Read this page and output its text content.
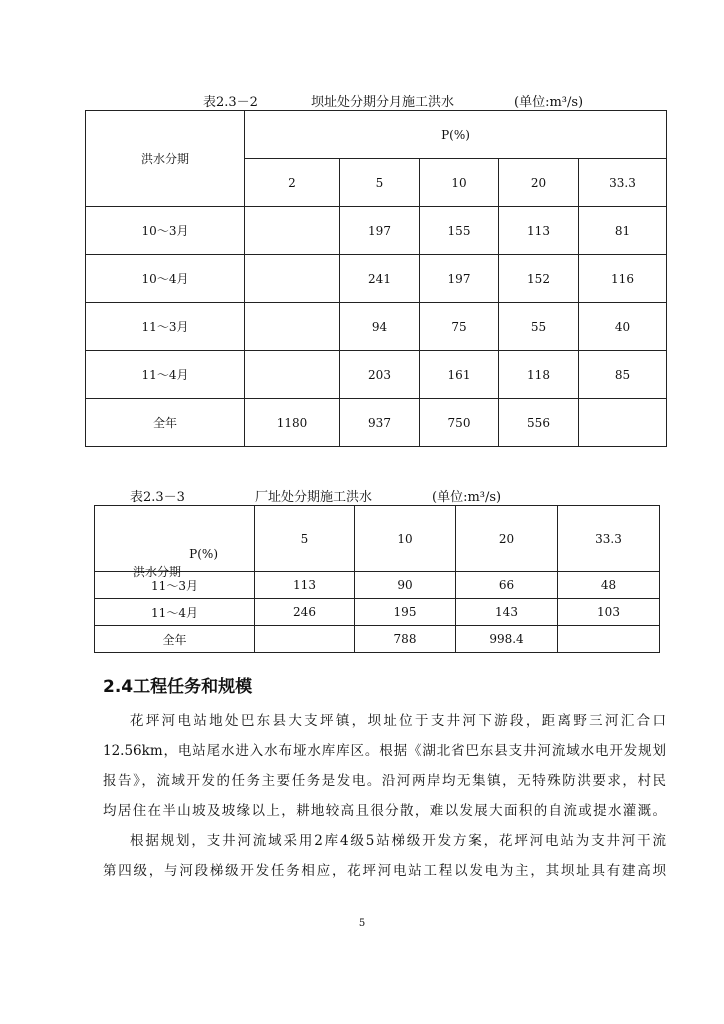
表2.3－2	坝址处分期分月施工洪水	(单位:m³/s)
洪水分期	P(%)				
	2	5	10	20	33.3
10～3月		197	155	113	81
10～4月		241	197	152	116
11～3月		94	75	55	40
11～4月		203	161	118	85
全年	1180	937	750	556	
表2.3－3	厂址处分期施工洪水	(单位:m³/s)
P(%)
洪水分期	5	10	20	33.3
11～3月	113	90	66	48
11～4月	246	195	143	103
全年		788	998.4	
2.4工程任务和规模
花坪河电站地处巴东县大支坪镇，坝址位于支井河下游段，距离野三河汇合口
12.56km，电站尾水进入水布垭水库库区。根据《湖北省巴东县支井河流域水电开发规划
报告》，流域开发的任务主要任务是发电。沿河两岸均无集镇，无特殊防洪要求，村民
均居住在半山坡及坡缘以上，耕地较高且很分散，难以发展大面积的自流或提水灌溉。
根据规划，支井河流域采用2库4级5站梯级开发方案，花坪河电站为支井河干流
第四级，与河段梯级开发任务相应，花坪河电站工程以发电为主，其坝址具有建高坝
5
